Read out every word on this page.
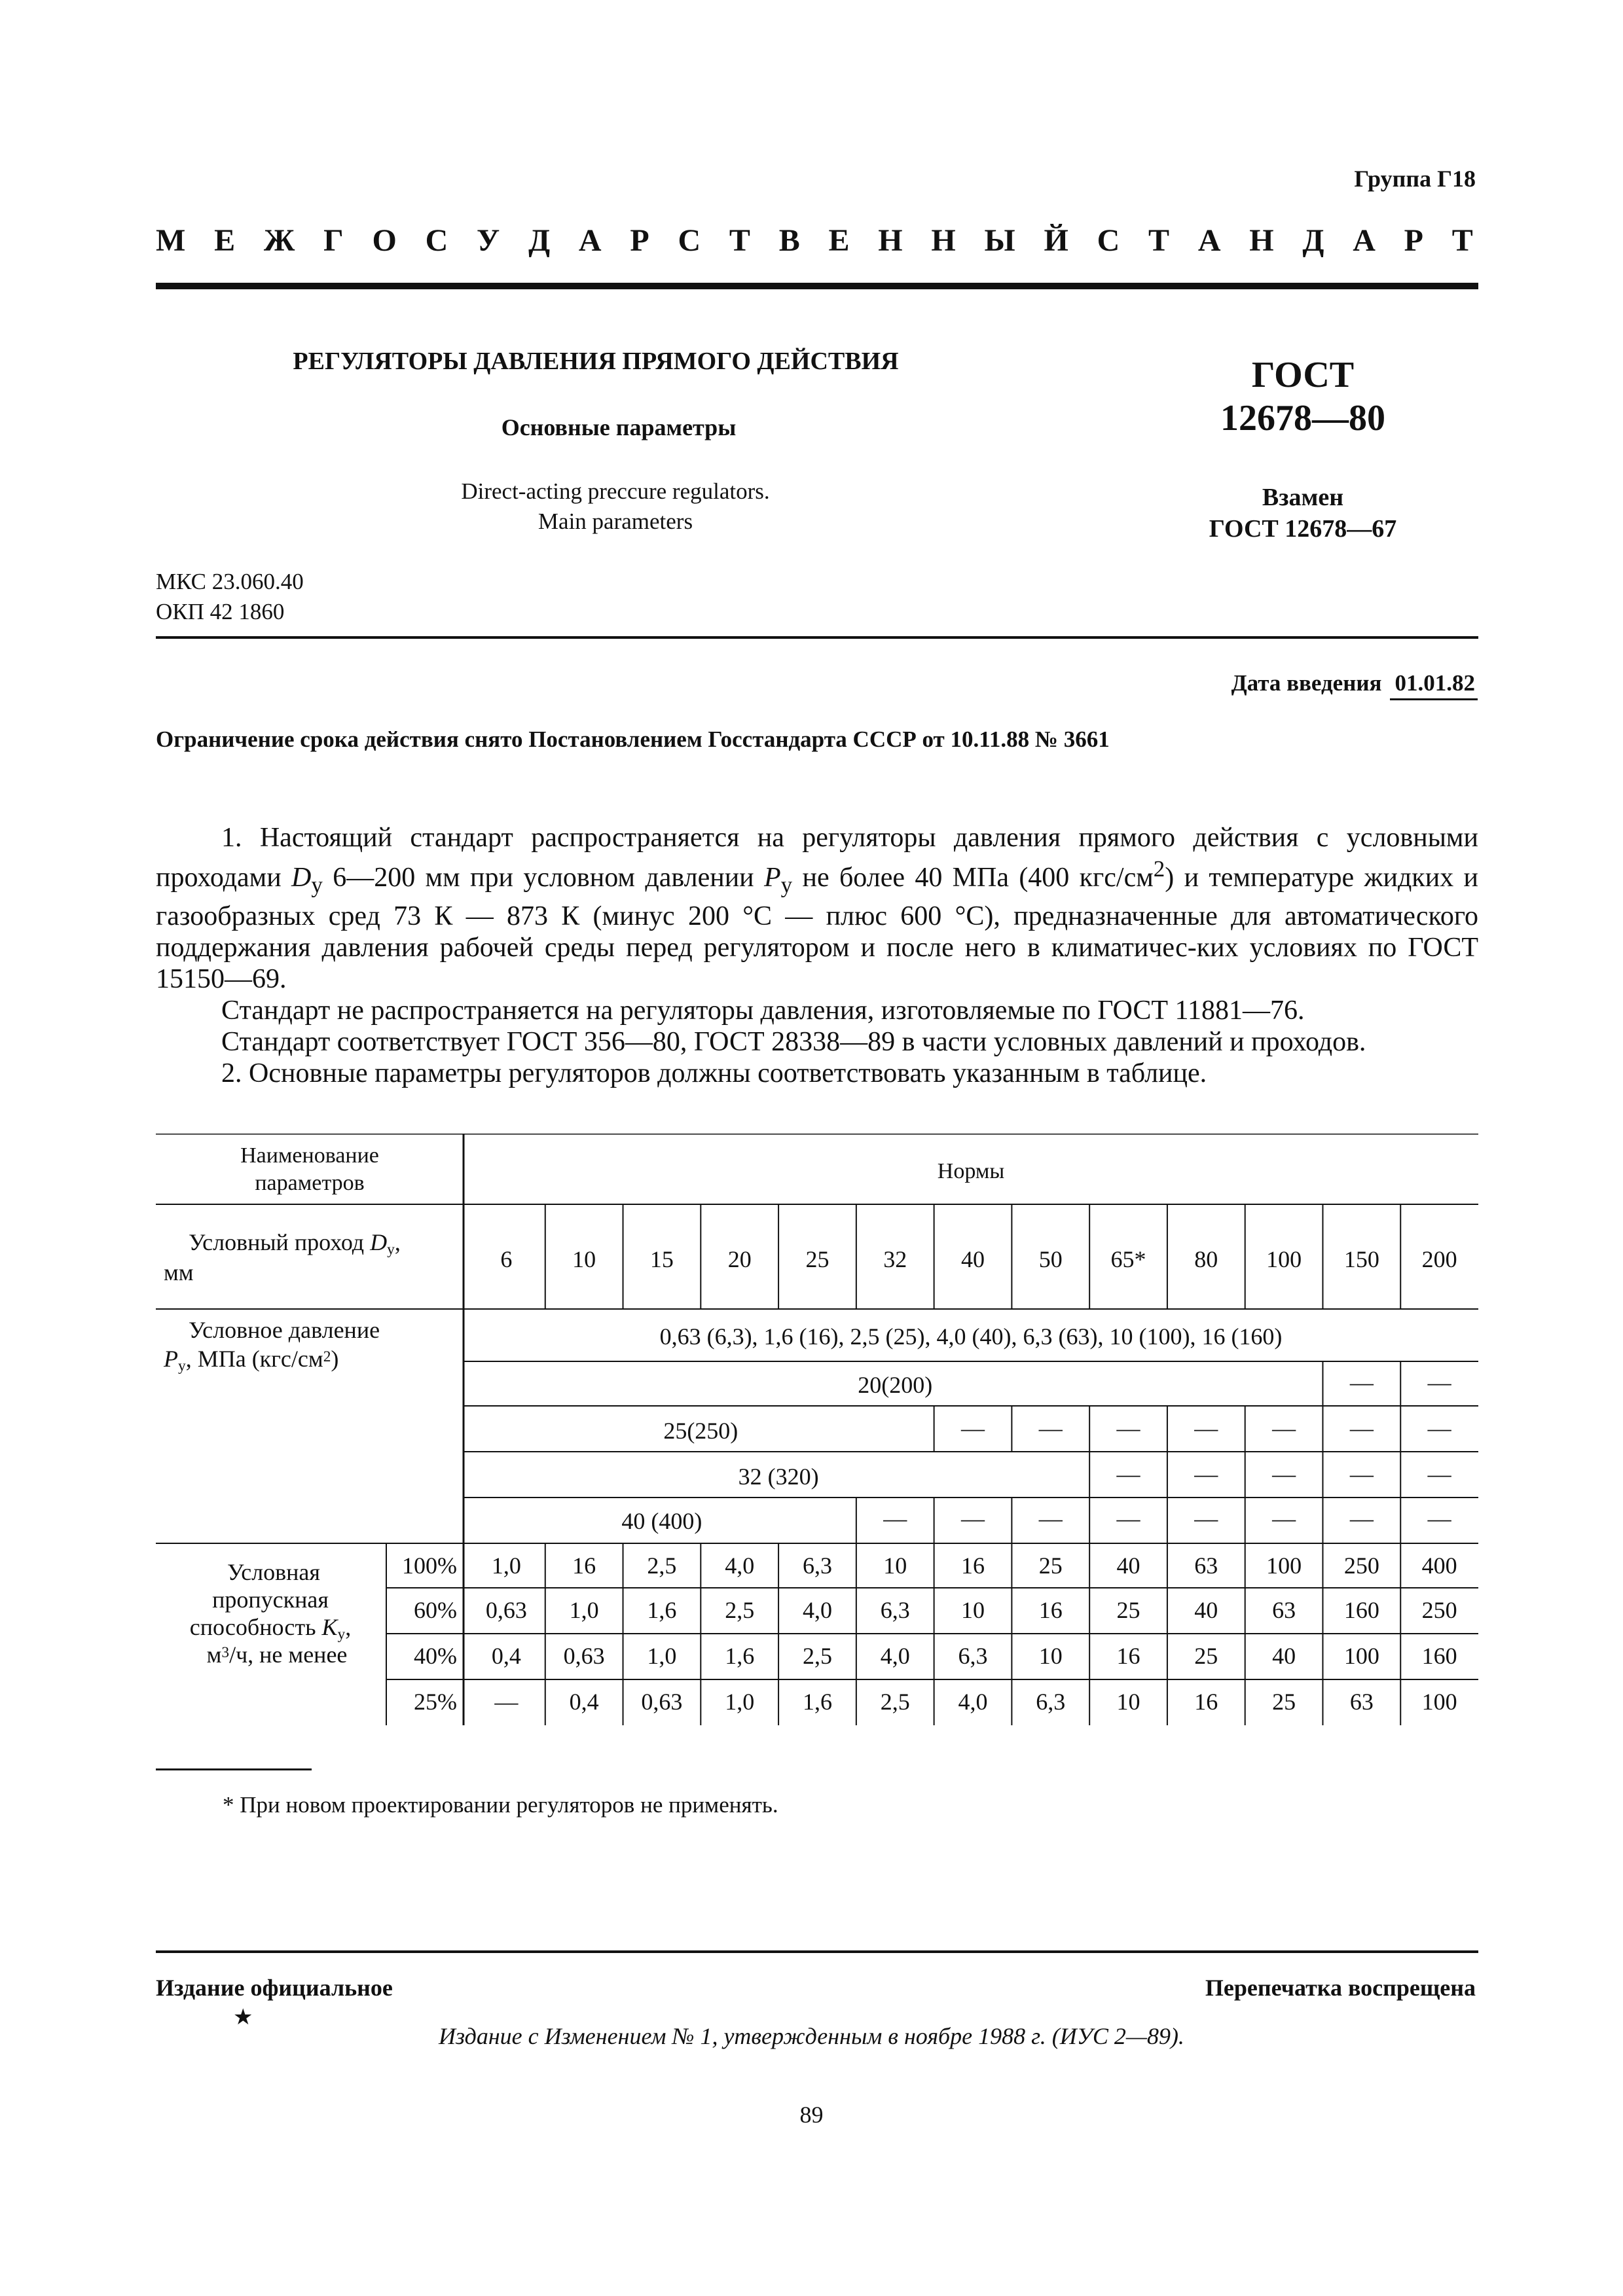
Группа Г18
М Е Ж Г О С У Д А Р С Т В Е Н Н Ы Й С Т А Н Д А Р Т
РЕГУЛЯТОРЫ ДАВЛЕНИЯ ПРЯМОГО ДЕЙСТВИЯ
Основные параметры
Direct-acting preccure regulators.
Main parameters
ГОСТ
12678—80
Взамен
ГОСТ 12678—67
МКС 23.060.40
ОКП 42 1860
Дата введения 01.01.82
Ограничение срока действия снято Постановлением Госстандарта СССР от 10.11.88 № 3661

1. Настоящий стандарт распространяется на регуляторы давления прямого действия с условными проходами $D_у$ 6—200 мм при условном давлении $P_у$ не более 40 МПа (400 кгс/$см^2$) и температуре жидких и газообразных сред 73 К — 873 К (минус 200 °С — плюс 600 °С), предназначенные для автоматического поддержания давления рабочей среды перед регулятором и после него в климатичес-ких условиях по ГОСТ 15150—69.

Стандарт не распространяется на регуляторы давления, изготовляемые по ГОСТ 11881—76.

Стандарт соответствует ГОСТ 356—80, ГОСТ 28338—89 в части условных давлений и проходов.

2. Основные параметры регуляторов должны соответствовать указанным в таблице.

Наименование
параметров	Нормы
Условный проход Dу,
мм	6	10 15 20 25 32 40 50 65* 80 100 150 200
Условное давление
Pу, МПа (кгс/см2)
0,63 (6,3), 1,6 (16), 2,5 (25), 4,0 (40), 6,3 (63), 10 (100), 16 (160)
20(200)	— —
25(250)	— — — — — — —
32 (320)	— — — — —
40 (400)	— — — — — — — —
Условная
пропускная
способность Kу,
м3/ч, не менее
100% 1,0 16 2,5 4,0 6,3 10 16 25 40 63 100 250 400
60% 0,63 1,0 1,6 2,5 4,0 6,3 10 16 25 40 63 160 250
40% 0,4 0,63 1,0 1,6 2,5 4,0 6,3 10 16 25 40 100 160
25% — 0,4 0,63 1,0 1,6 2,5 4,0 6,3 10 16 25 63 100
* При новом проектировании регуляторов не применять.
Издание официальное
★
Перепечатка воспрещена
Издание с Изменением № 1, утвержденным в ноябре 1988 г. (ИУС 2—89).
89
